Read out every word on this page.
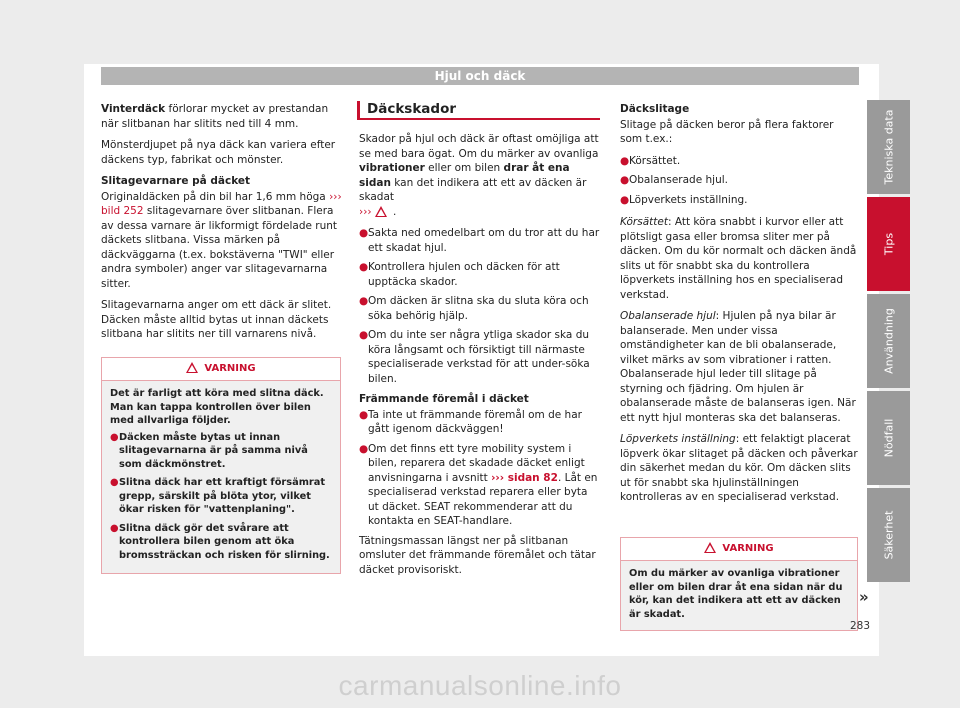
Hjul och däck

Vinterdäck förlorar mycket av prestandan när slitbanan har slitits ned till 4 mm.

Mönsterdjupet på nya däck kan variera efter däckens typ, fabrikat och mönster.

Slitagevarnare på däcket

Originaldäcken på din bil har 1,6 mm höga ››› bild 252 slitagevarnare över slitbanan. Flera av dessa varnare är likformigt fördelade runt däckets slitbana. Vissa märken på däckväggarna (t.ex. bokstäverna "TWI" eller andra symboler) anger var slitagevarnarna sitter.

Slitagevarnarna anger om ett däck är slitet. Däcken måste alltid bytas ut innan däckets slitbana har slitits ner till varnarens nivå.

VARNING

Det är farligt att köra med slitna däck. Man kan tappa kontrollen över bilen med allvarliga följder.

● Däcken måste bytas ut innan slitagevarnarna är på samma nivå som däckmönstret.
● Slitna däck har ett kraftigt försämrat grepp, särskilt på blöta ytor, vilket ökar risken för "vattenplaning".
● Slitna däck gör det svårare att kontrollera bilen genom att öka bromssträckan och risken för slirning.
Däckskador

Skador på hjul och däck är oftast omöjliga att se med bara ögat. Om du märker av ovanliga vibrationer eller om bilen drar åt ena sidan kan det indikera att ett av däcken är skadat
››› .

● Sakta ned omedelbart om du tror att du har ett skadat hjul.
● Kontrollera hjulen och däcken för att upptäcka skador.
● Om däcken är slitna ska du sluta köra och söka behörig hjälp.
● Om du inte ser några ytliga skador ska du köra långsamt och försiktigt till närmaste specialiserade verkstad för att under-söka bilen.
Främmande föremål i däcket
● Ta inte ut främmande föremål om de har gått igenom däckväggen!
● Om det finns ett tyre mobility system i bilen, reparera det skadade däcket enligt anvisningarna i avsnitt ››› sidan 82. Låt en specialiserad verkstad reparera eller byta ut däcket. SEAT rekommenderar att du kontakta en SEAT-handlare.

Tätningsmassan längst ner på slitbanan omsluter det främmande föremålet och tätar däcket provisoriskt.

Däckslitage

Slitage på däcken beror på flera faktorer som t.ex.:

● Körsättet.
● Obalanserade hjul.
● Löpverkets inställning.

Körsättet: Att köra snabbt i kurvor eller att plötsligt gasa eller bromsa sliter mer på däcken. Om du kör normalt och däcken ändå slits ut för snabbt ska du kontrollera löpverkets inställning hos en specialiserad verkstad.

Obalanserade hjul: Hjulen på nya bilar är balanserade. Men under vissa omständigheter kan de bli obalanserade, vilket märks av som vibrationer i ratten. Obalanserade hjul leder till slitage på styrning och fjädring. Om hjulen är obalanserade måste de balanseras igen. När ett nytt hjul monteras ska det balanseras.

Löpverkets inställning: ett felaktigt placerat löpverk ökar slitaget på däcken och påverkar din säkerhet medan du kör. Om däcken slits ut för snabbt ska hjulinställningen kontrolleras av en specialiserad verkstad.

VARNING

Om du märker av ovanliga vibrationer eller om bilen drar åt ena sidan när du kör, kan det indikera att ett av däcken är skadat.

»
Tekniska data
Tips
Användning
Nödfall
Säkerhet
283
carmanualsonline.info
